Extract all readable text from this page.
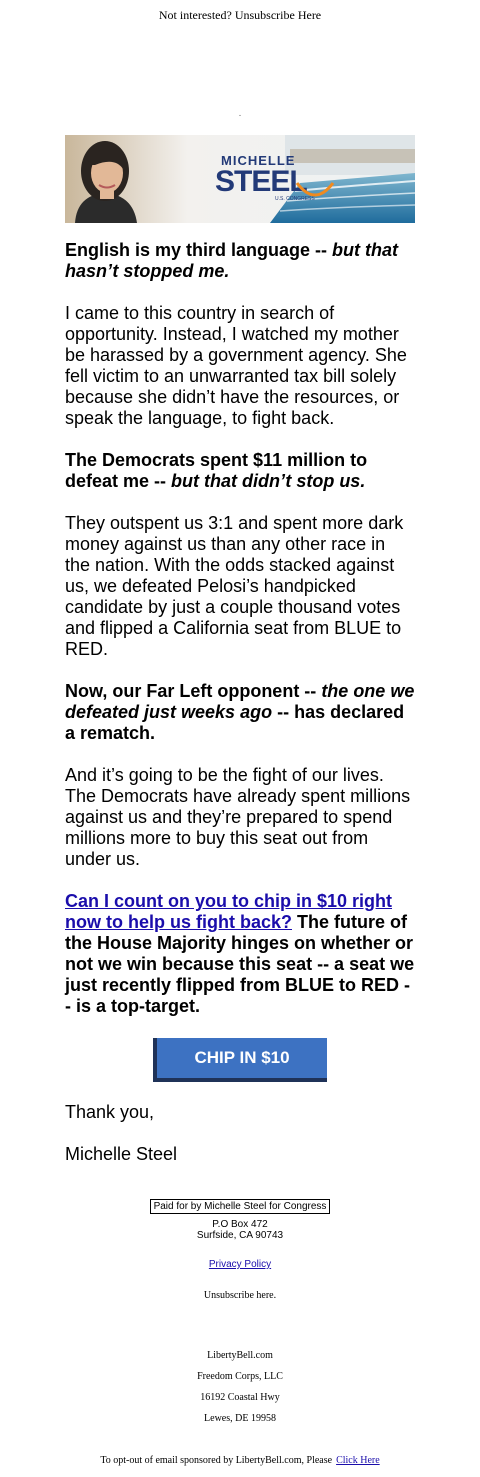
Not interested? Unsubscribe Here
.
MICHELLE
STEEL
U.S. CONGRESS

English is my third language -- but that hasn’t stopped me.

I came to this country in search of opportunity. Instead, I watched my mother be harassed by a government agency. She fell victim to an unwarranted tax bill solely because she didn’t have the resources, or speak the language, to fight back.

The Democrats spent $11 million to defeat me -- but that didn’t stop us.

They outspent us 3:1 and spent more dark money against us than any other race in the nation. With the odds stacked against us, we defeated Pelosi’s handpicked candidate by just a couple thousand votes and flipped a California seat from BLUE to RED.

Now, our Far Left opponent -- the one we defeated just weeks ago -- has declared a rematch.

And it’s going to be the fight of our lives. The Democrats have already spent millions against us and they’re prepared to spend millions more to buy this seat out from under us.

Can I count on you to chip in $10 right now to help us fight back? The future of the House Majority hinges on whether or not we win because this seat -- a seat we just recently flipped from BLUE to RED -- is a top-target.

CHIP IN $10

Thank you,

Michelle Steel

Paid for by Michelle Steel for Congress
P.O Box 472
Surfside, CA 90743
Privacy Policy
Unsubscribe here.
LibertyBell.com
Freedom Corps, LLC
16192 Coastal Hwy
Lewes, DE 19958
To opt-out of email sponsored by LibertyBell.com, Please Click Here
